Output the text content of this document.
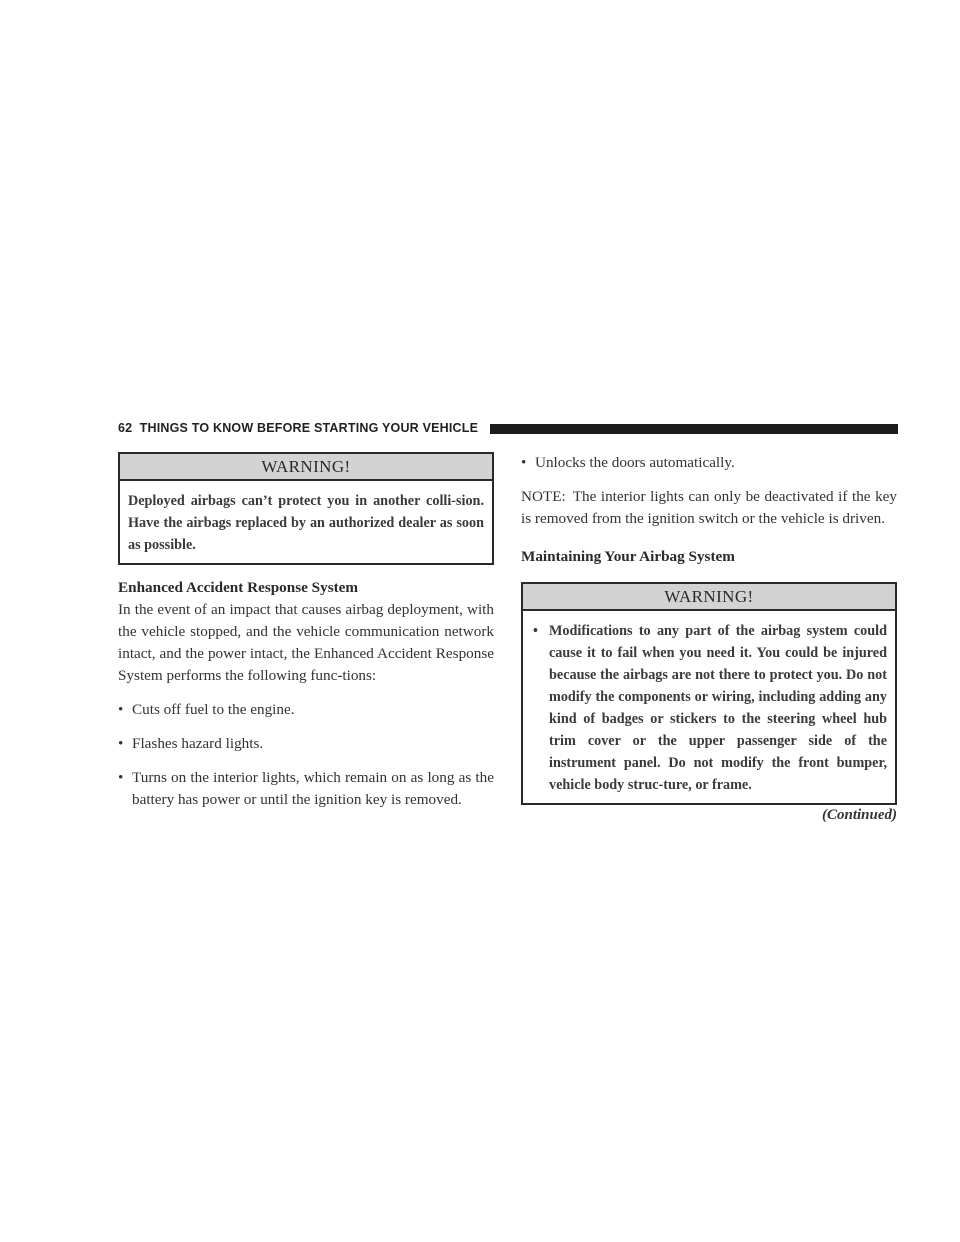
62 THINGS TO KNOW BEFORE STARTING YOUR VEHICLE
WARNING!
Deployed airbags can’t protect you in another colli-sion. Have the airbags replaced by an authorized dealer as soon as possible.

Enhanced Accident Response System

In the event of an impact that causes airbag deployment, with the vehicle stopped, and the vehicle communication network intact, and the power intact, the Enhanced Accident Response System performs the following func-tions:

• Cuts off fuel to the engine.
• Flashes hazard lights.
• Turns on the interior lights, which remain on as long as the battery has power or until the ignition key is removed.
• Unlocks the doors automatically.

NOTE: The interior lights can only be deactivated if the key is removed from the ignition switch or the vehicle is driven.

Maintaining Your Airbag System

WARNING!
• Modifications to any part of the airbag system could cause it to fail when you need it. You could be injured because the airbags are not there to protect you. Do not modify the components or wiring, including adding any kind of badges or stickers to the steering wheel hub trim cover or the upper passenger side of the instrument panel. Do not modify the front bumper, vehicle body struc-ture, or frame.
(Continued)
